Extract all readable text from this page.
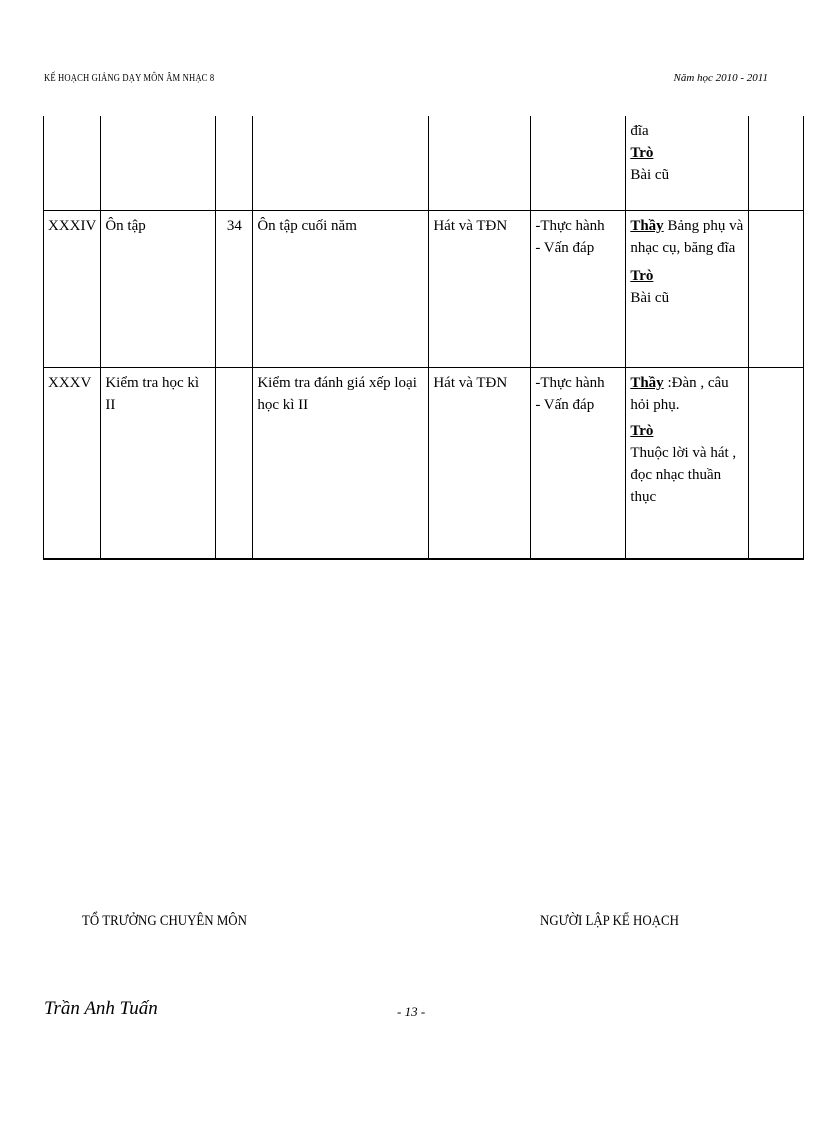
KẾ HOẠCH GIẢNG DẠY MÔN ÂM NHẠC 8	Năm học 2010 - 2011

						đĩa
Trò
Bài cũ	

XXXIV	Ôn tập	34	Ôn tập cuối năm	Hát và TĐN	-Thực hành
- Vấn đáp	Thầy Bảng phụ và nhạc cụ, băng đĩa
Trò
Bài cũ	

XXXV	Kiểm tra học kì II		Kiểm tra đánh giá xếp loại học kì II	Hát và TĐN	-Thực hành
- Vấn đáp	Thầy :Đàn , câu hỏi phụ.
Trò
Thuộc lời và hát , đọc nhạc thuần thục	

TỔ TRƯỞNG CHUYÊN MÔN	NGƯỜI LẬP KẾ HOẠCH
Trần Anh Tuấn	- 13 -
